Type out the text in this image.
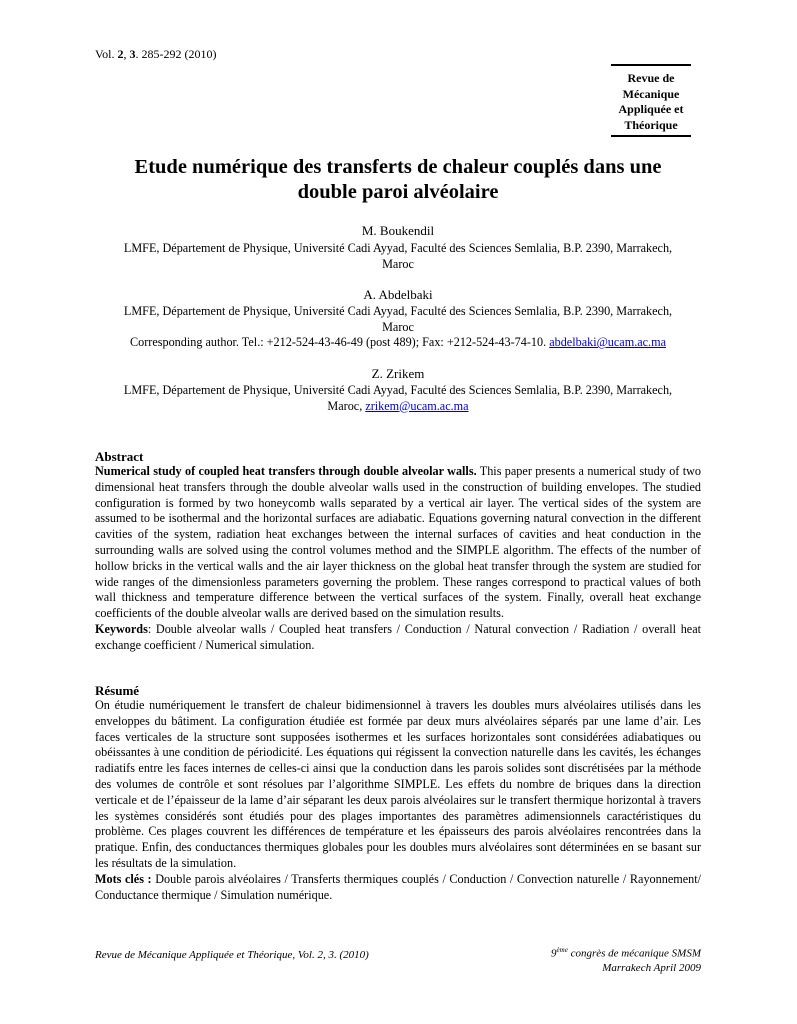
Vol. 2, 3. 285-292 (2010)
Revue de
Mécanique
Appliquée et
Théorique
Etude numérique des transferts de chaleur couplés dans une
double paroi alvéolaire
M. Boukendil
LMFE, Département de Physique, Université Cadi Ayyad, Faculté des Sciences Semlalia, B.P. 2390, Marrakech,
Maroc
A. Abdelbaki
LMFE, Département de Physique, Université Cadi Ayyad, Faculté des Sciences Semlalia, B.P. 2390, Marrakech,
Maroc
Corresponding author. Tel.: +212-524-43-46-49 (post 489); Fax: +212-524-43-74-10. abdelbaki@ucam.ac.ma
Z. Zrikem
LMFE, Département de Physique, Université Cadi Ayyad, Faculté des Sciences Semlalia, B.P. 2390, Marrakech,
Maroc, zrikem@ucam.ac.ma
Abstract
Numerical study of coupled heat transfers through double alveolar walls. This paper presents a numerical study of two dimensional heat transfers through the double alveolar walls used in the construction of building envelopes. The studied configuration is formed by two honeycomb walls separated by a vertical air layer. The vertical sides of the system are assumed to be isothermal and the horizontal surfaces are adiabatic. Equations governing natural convection in the different cavities of the system, radiation heat exchanges between the internal surfaces of cavities and heat conduction in the surrounding walls are solved using the control volumes method and the SIMPLE algorithm. The effects of the number of hollow bricks in the vertical walls and the air layer thickness on the global heat transfer through the system are studied for wide ranges of the dimensionless parameters governing the problem. These ranges correspond to practical values of both wall thickness and temperature difference between the vertical surfaces of the system. Finally, overall heat exchange coefficients of the double alveolar walls are derived based on the simulation results.
Keywords: Double alveolar walls / Coupled heat transfers / Conduction / Natural convection / Radiation / overall heat exchange coefficient / Numerical simulation.
Résumé
On étudie numériquement le transfert de chaleur bidimensionnel à travers les doubles murs alvéolaires utilisés dans les enveloppes du bâtiment. La configuration étudiée est formée par deux murs alvéolaires séparés par une lame d’air. Les faces verticales de la structure sont supposées isothermes et les surfaces horizontales sont considérées adiabatiques ou obéissantes à une condition de périodicité. Les équations qui régissent la convection naturelle dans les cavités, les échanges radiatifs entre les faces internes de celles-ci ainsi que la conduction dans les parois solides sont discrétisées par la méthode des volumes de contrôle et sont résolues par l’algorithme SIMPLE. Les effets du nombre de briques dans la direction verticale et de l’épaisseur de la lame d’air séparant les deux parois alvéolaires sur le transfert thermique horizontal à travers les systèmes considérés sont étudiés pour des plages importantes des paramètres adimensionnels caractéristiques du problème. Ces plages couvrent les différences de température et les épaisseurs des parois alvéolaires rencontrées dans la pratique. Enfin, des conductances thermiques globales pour les doubles murs alvéolaires sont déterminées en se basant sur les résultats de la simulation.
Mots clés : Double parois alvéolaires / Transferts thermiques couplés / Conduction / Convection naturelle / Rayonnement/ Conductance thermique / Simulation numérique.
Revue de Mécanique Appliquée et Théorique, Vol. 2, 3. (2010)	9ème congrès de mécanique SMSM
Marrakech April 2009
